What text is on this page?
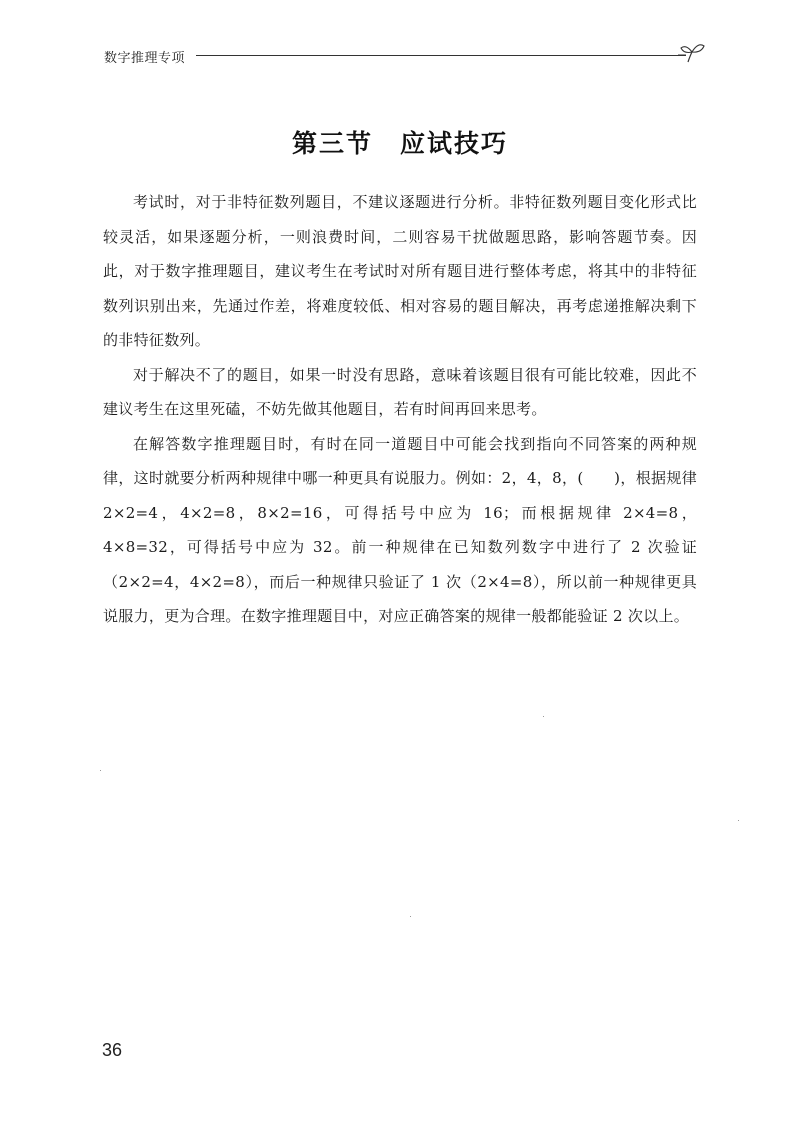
数字推理专项
第三节　应试技巧

考试时，对于非特征数列题目，不建议逐题进行分析。非特征数列题目变化形式比较灵活，如果逐题分析，一则浪费时间，二则容易干扰做题思路，影响答题节奏。因此，对于数字推理题目，建议考生在考试时对所有题目进行整体考虑，将其中的非特征数列识别出来，先通过作差，将难度较低、相对容易的题目解决，再考虑递推解决剩下的非特征数列。

对于解决不了的题目，如果一时没有思路，意味着该题目很有可能比较难，因此不建议考生在这里死磕，不妨先做其他题目，若有时间再回来思考。

在解答数字推理题目时，有时在同一道题目中可能会找到指向不同答案的两种规律，这时就要分析两种规律中哪一种更具有说服力。例如：2，4，8，(　　)，根据规律 2×2=4，4×2=8，8×2=16，可得括号中应为 16；而根据规律 2×4=8，4×8=32，可得括号中应为 32。前一种规律在已知数列数字中进行了 2 次验证（2×2=4，4×2=8），而后一种规律只验证了 1 次（2×4=8），所以前一种规律更具说服力，更为合理。在数字推理题目中，对应正确答案的规律一般都能验证 2 次以上。

36
